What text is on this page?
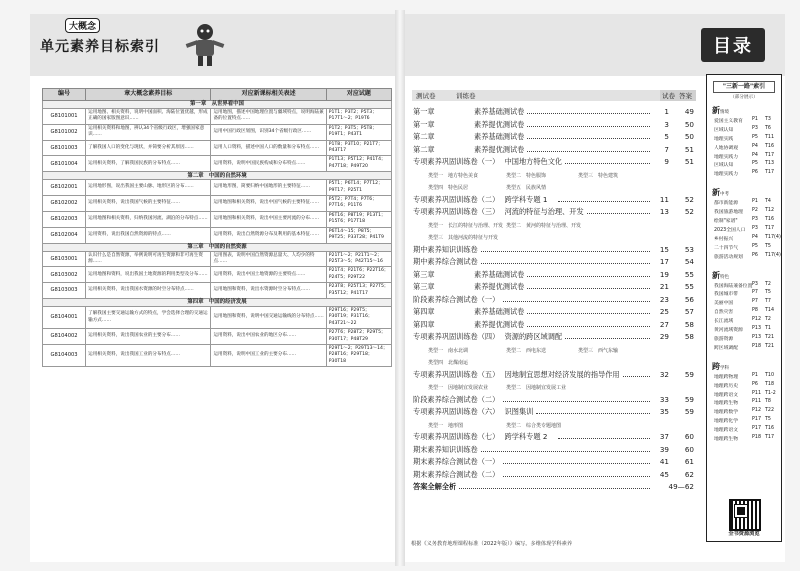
大概念
单元素养目标索引
编号	章大概念素养目标	对应新课标相关表述	对应试题
第一章　从世界看中国			
G8101001	运用地图、相关资料，说明中国面积、海陆位置优越，形成正确的国家版图意识……	运用地图，描述中国地理位置与疆域特点，说明海陆兼备的位置特点……	P1T1；P3T2；P5T3；P17T1～2；P19T6
G8101002	运用相关资料和地图，辨认34个省级行政区，增强国家意识……	运用中国行政区划图，识别34个省级行政区……	P1T2；P3T5；P5T8；P19T1；P43T1
G8101003	了解我国人口的变化与现状，并简要分析其原因……	运用人口资料，描述中国人口的数量和分布特点……	P1T8；P3T10；P21T7；P43T17
G8101004	运用相关资料，了解我国民族的分布特点……	运用资料，说明中国民族构成和分布特点……	P1T13；P5T12；P41T4；P47T18；P49T20
第二章　中国的自然环境			
G8102001	运用地形图，说出我国主要山脉、地形区的分布……	运用地形图，简要归纳中国地形的主要特征……	P5T1；P6T14；P7T12；P9T17；P25T1
G8102002	运用相关资料，说出我国气候的主要特征……	运用地图和相关资料，说出中国气候的主要特征……	P5T2；P7T4；P7T6；P7T16；P11T6
G8102003	运用地图和相关资料，归纳我国河流、湖泊的分布特点……	运用地图和相关资料，说出中国主要河流的分布……	P6T16；P8T19；P13T1；P15T6；P17T18
G8102004	运用资料，说出我国自然资源的特点……	运用资料，说出自然资源分布及利用的基本特征……	P6T14～15；P8T5；P9T25；P33T28；P41T9
第三章　中国的自然资源			
G8103001	认识什么是自然资源，举例说明可再生资源和非可再生资源……	运用图表，说明中国自然资源总量大、人均少的特点……	P21T1～2；P21T1～2；P25T3～5；P42T15～16
G8103002	运用地图和资料，说出我国土地资源的利用类型及分布……	运用资料，说出中国土地资源的主要特点……	P21T4；P21T6；P22T16；P24T5；P29T22
G8103003	运用相关资料，说出我国水资源的时空分布特点……	运用地图和资料，说出水资源时空分布特点……	P23T8；P25T13；P27T5；P35T12；P41T17
第四章　中国的经济发展			
G8104001	了解我国主要交通运输方式的特点，学会选择合理的交通运输方式……	运用地图和资料，说明中国交通运输线的分布特点……	P29T16；P29T5；P30T19；P31T16；P43T21～22
G8104002	运用相关资料，说出我国农业的主要分布……	运用资料，说出中国农业的地区分布……	P27T6；P28T2；P29T5；P30T17；P48T29
G8104003	运用相关资料，说出我国工业的分布特点……	运用资料，说明中国工业的主要分布……	P29T1～2；P29T13～14；P28T16；P29T18；P30T18
目录
测试卷	训练卷	试卷 答案
第一章	素养基础测试卷	1	49
第一章	素养提优测试卷	3	50
第二章	素养基础测试卷	5	50
第二章	素养提优测试卷	7	51
专项素养巩固训练卷（一） 中国地方特色文化	9	51
类型一　地方特色美食	类型二　特色服饰	类型三　特色建筑
类型四　特色民居	类型五　民族风情
专项素养巩固训练卷（二） 跨学科专题 1	11	52
专项素养巩固训练卷（三） 河流的特征与治理、开发	13	52
类型一　长江的特征与治理、开发 类型二　黄河的特征与治理、开发
类型三　其他河流的特征与开发
期中素养知识训练卷	15	53
期中素养综合测试卷	17	54
第三章	素养基础测试卷	19	55
第三章	素养提优测试卷	21	55
阶段素养综合测试卷（一）	23	56
第四章	素养基础测试卷	25	57
第四章	素养提优测试卷	27	58
专项素养巩固训练卷（四） 资源的跨区域调配	29	58
类型一　南水北调	类型二　西电东送	类型三　西气东输
类型四　北煤南运
专项素养巩固训练卷（五） 因地制宜思想对经济发展的指导作用	32	59
类型一　因地制宜发展农业	类型二　因地制宜发展工业
阶段素养综合测试卷（二）	33	59
专项素养巩固训练卷（六） 识图集训	35	59
类型一　地形图	类型二　综合类专题地图
专项素养巩固训练卷（七） 跨学科专题 2	37	60
期末素养知识训练卷	39	60
期末素养综合测试卷（一）	41	61
期末素养综合测试卷（二）	45	62
答案全解全析	49—62
根据《义务教育地理课程标准（2022年版）》编写。多维体现学科素养
"三新一路"索引
（部分展示）
新情境
爱国主义教育 P1 T3
区域认知	P3 T6
地理实践	P5 T11
人地协调观	P4 T16
地理实践力	P4 T17
区域认知	P5 T13
地理实践力	P6 T17
新中考
都市新能源	P1 T4
我国旅游地理 P2 T12
绘制"家谱"	P3 T16
2023全国人口 P3 T17
乡村振兴	P4 T17(4)
二十四节气	P5 T5
旅游活动规划 P6 T17(4)
新特色
我国海陆兼备位置 P3 T2
我国城市带	P7 T5
美丽中国	P7 T7
自然灾害	P8 T14
长江流域	P12 T2
黄河流域资源 P13 T1
旅游资源	P13 T21
跨区域调配	P18 T21
跨学科
地理跨物理	P1 T10
地理跨历史	P6 T18
地理跨语文	P11 T1-2
地理跨生物	P11 T8
地理跨数学	P12 T22
地理跨化学	P17 T5
地理跨语文	P17 T16
地理跨生物	P18 T17
全书资源浏览
